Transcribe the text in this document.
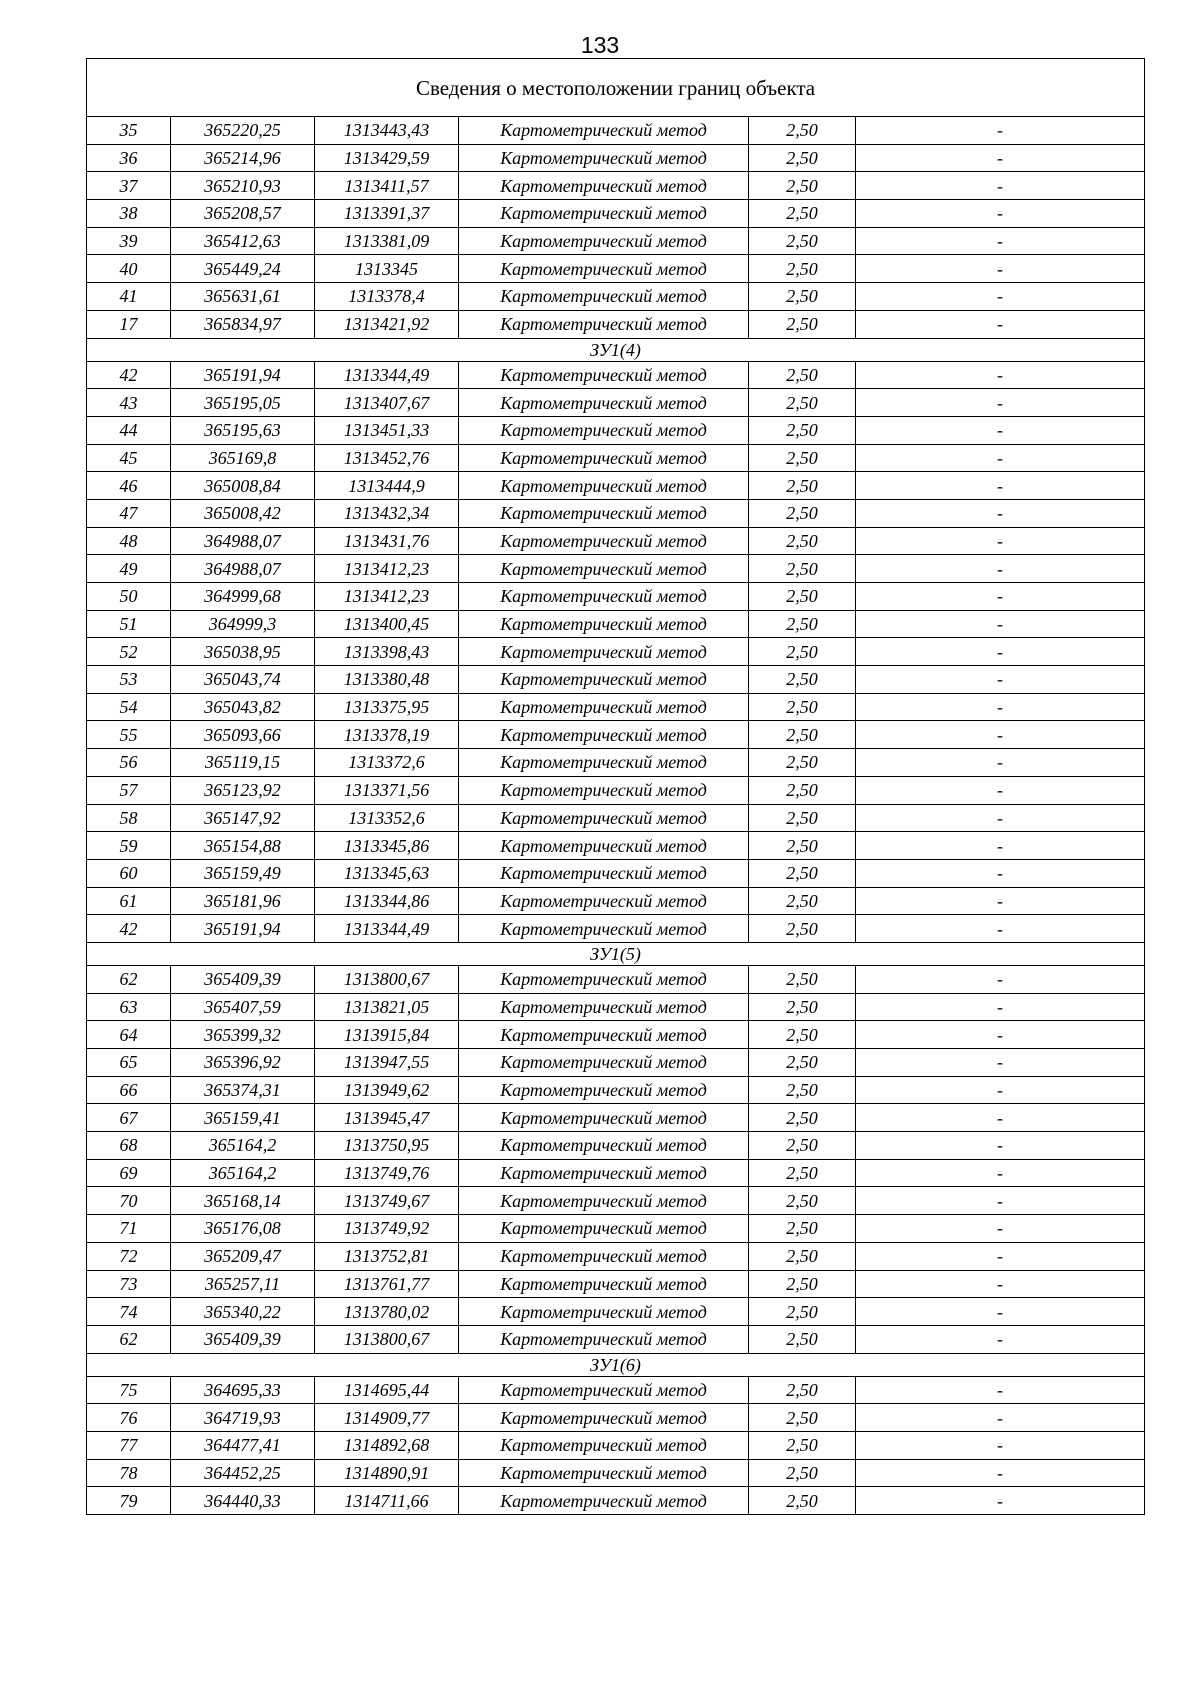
133
Сведения о местоположении границ объекта					
35	365220,25	1313443,43	Картометрический метод	2,50	-
36	365214,96	1313429,59	Картометрический метод	2,50	-
37	365210,93	1313411,57	Картометрический метод	2,50	-
38	365208,57	1313391,37	Картометрический метод	2,50	-
39	365412,63	1313381,09	Картометрический метод	2,50	-
40	365449,24	1313345	Картометрический метод	2,50	-
41	365631,61	1313378,4	Картометрический метод	2,50	-
17	365834,97	1313421,92	Картометрический метод	2,50	-
ЗУ1(4)					
42	365191,94	1313344,49	Картометрический метод	2,50	-
43	365195,05	1313407,67	Картометрический метод	2,50	-
44	365195,63	1313451,33	Картометрический метод	2,50	-
45	365169,8	1313452,76	Картометрический метод	2,50	-
46	365008,84	1313444,9	Картометрический метод	2,50	-
47	365008,42	1313432,34	Картометрический метод	2,50	-
48	364988,07	1313431,76	Картометрический метод	2,50	-
49	364988,07	1313412,23	Картометрический метод	2,50	-
50	364999,68	1313412,23	Картометрический метод	2,50	-
51	364999,3	1313400,45	Картометрический метод	2,50	-
52	365038,95	1313398,43	Картометрический метод	2,50	-
53	365043,74	1313380,48	Картометрический метод	2,50	-
54	365043,82	1313375,95	Картометрический метод	2,50	-
55	365093,66	1313378,19	Картометрический метод	2,50	-
56	365119,15	1313372,6	Картометрический метод	2,50	-
57	365123,92	1313371,56	Картометрический метод	2,50	-
58	365147,92	1313352,6	Картометрический метод	2,50	-
59	365154,88	1313345,86	Картометрический метод	2,50	-
60	365159,49	1313345,63	Картометрический метод	2,50	-
61	365181,96	1313344,86	Картометрический метод	2,50	-
42	365191,94	1313344,49	Картометрический метод	2,50	-
ЗУ1(5)					
62	365409,39	1313800,67	Картометрический метод	2,50	-
63	365407,59	1313821,05	Картометрический метод	2,50	-
64	365399,32	1313915,84	Картометрический метод	2,50	-
65	365396,92	1313947,55	Картометрический метод	2,50	-
66	365374,31	1313949,62	Картометрический метод	2,50	-
67	365159,41	1313945,47	Картометрический метод	2,50	-
68	365164,2	1313750,95	Картометрический метод	2,50	-
69	365164,2	1313749,76	Картометрический метод	2,50	-
70	365168,14	1313749,67	Картометрический метод	2,50	-
71	365176,08	1313749,92	Картометрический метод	2,50	-
72	365209,47	1313752,81	Картометрический метод	2,50	-
73	365257,11	1313761,77	Картометрический метод	2,50	-
74	365340,22	1313780,02	Картометрический метод	2,50	-
62	365409,39	1313800,67	Картометрический метод	2,50	-
ЗУ1(6)					
75	364695,33	1314695,44	Картометрический метод	2,50	-
76	364719,93	1314909,77	Картометрический метод	2,50	-
77	364477,41	1314892,68	Картометрический метод	2,50	-
78	364452,25	1314890,91	Картометрический метод	2,50	-
79	364440,33	1314711,66	Картометрический метод	2,50	-
